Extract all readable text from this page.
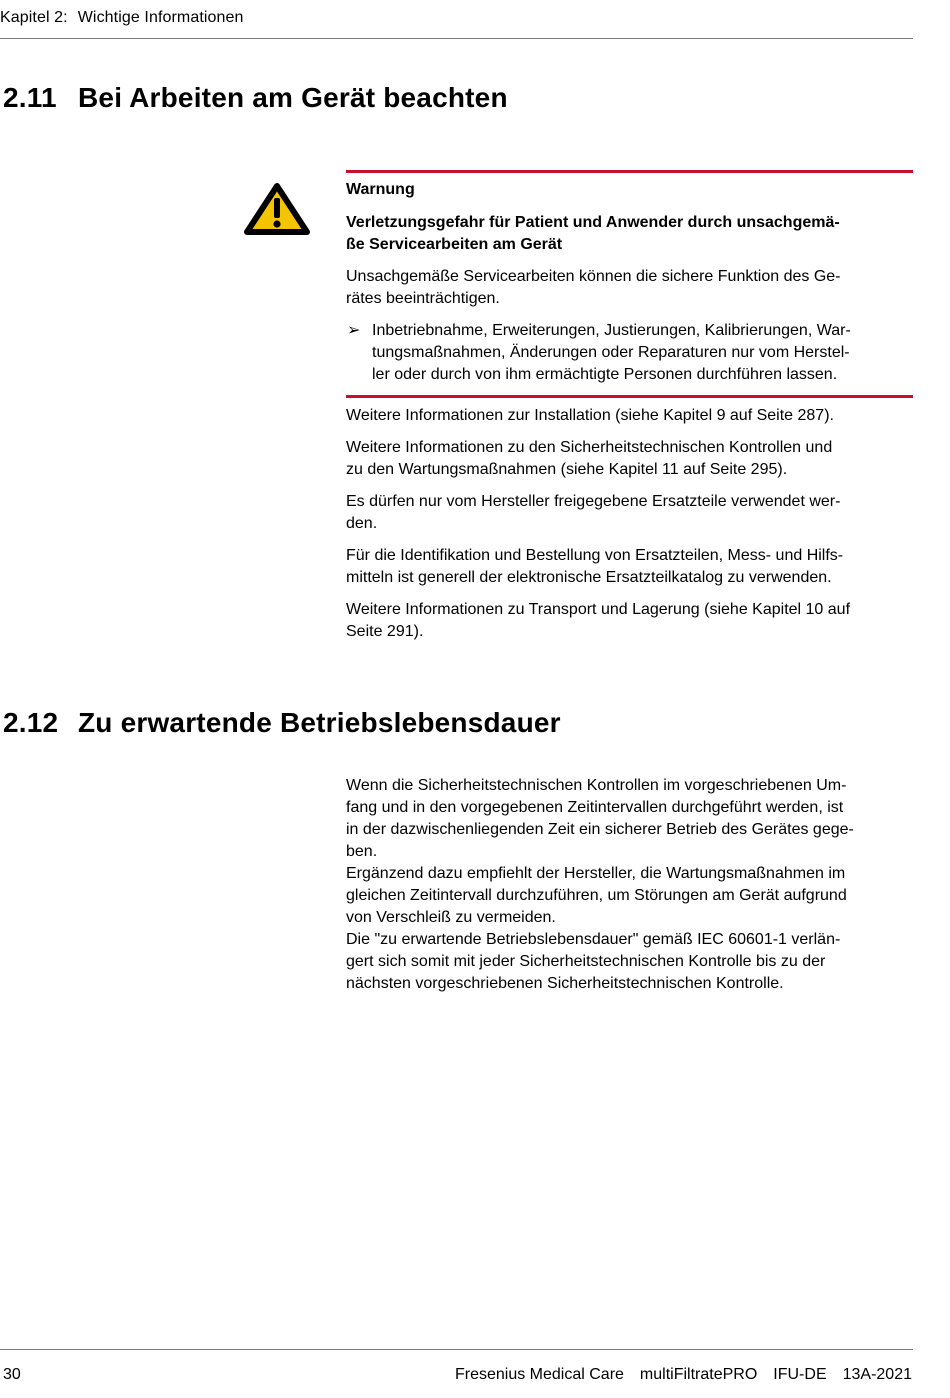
Kapitel 2: Wichtige Informationen
2.11 Bei Arbeiten am Gerät beachten
Warnung
Verletzungsgefahr für Patient und Anwender durch unsachgemä-
ße Servicearbeiten am Gerät
Unsachgemäße Servicearbeiten können die sichere Funktion des Ge-
rätes beeinträchtigen.
➢ Inbetriebnahme, Erweiterungen, Justierungen, Kalibrierungen, War-
tungsmaßnahmen, Änderungen oder Reparaturen nur vom Herstel-
ler oder durch von ihm ermächtigte Personen durchführen lassen.

Weitere Informationen zur Installation (siehe Kapitel 9 auf Seite 287).

Weitere Informationen zu den Sicherheitstechnischen Kontrollen und
zu den Wartungsmaßnahmen (siehe Kapitel 11 auf Seite 295).

Es dürfen nur vom Hersteller freigegebene Ersatzteile verwendet wer-
den.

Für die Identifikation und Bestellung von Ersatzteilen, Mess- und Hilfs-
mitteln ist generell der elektronische Ersatzteilkatalog zu verwenden.

Weitere Informationen zu Transport und Lagerung (siehe Kapitel 10 auf
Seite 291).

2.12 Zu erwartende Betriebslebensdauer

Wenn die Sicherheitstechnischen Kontrollen im vorgeschriebenen Um-

fang und in den vorgegebenen Zeitintervallen durchgeführt werden, ist

in der dazwischenliegenden Zeit ein sicherer Betrieb des Gerätes gege-

ben.

Ergänzend dazu empfiehlt der Hersteller, die Wartungsmaßnahmen im

gleichen Zeitintervall durchzuführen, um Störungen am Gerät aufgrund

von Verschleiß zu vermeiden.

Die "zu erwartende Betriebslebensdauer" gemäß IEC 60601-1 verlän-

gert sich somit mit jeder Sicherheitstechnischen Kontrolle bis zu der

nächsten vorgeschriebenen Sicherheitstechnischen Kontrolle.

30	Fresenius Medical Care multiFiltratePRO IFU-DE 13A-2021
